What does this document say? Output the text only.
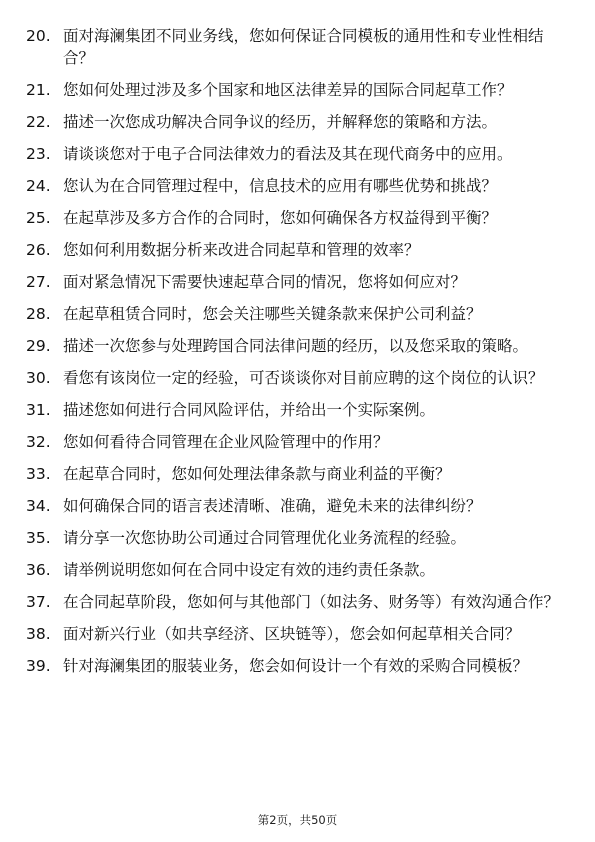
20. 面对海澜集团不同业务线，您如何保证合同模板的通用性和专业性相结合？
21. 您如何处理过涉及多个国家和地区法律差异的国际合同起草工作？
22. 描述一次您成功解决合同争议的经历，并解释您的策略和方法。
23. 请谈谈您对于电子合同法律效力的看法及其在现代商务中的应用。
24. 您认为在合同管理过程中，信息技术的应用有哪些优势和挑战？
25. 在起草涉及多方合作的合同时，您如何确保各方权益得到平衡？
26. 您如何利用数据分析来改进合同起草和管理的效率？
27. 面对紧急情况下需要快速起草合同的情况，您将如何应对？
28. 在起草租赁合同时，您会关注哪些关键条款来保护公司利益？
29. 描述一次您参与处理跨国合同法律问题的经历，以及您采取的策略。
30. 看您有该岗位一定的经验，可否谈谈你对目前应聘的这个岗位的认识？
31. 描述您如何进行合同风险评估，并给出一个实际案例。
32. 您如何看待合同管理在企业风险管理中的作用？
33. 在起草合同时，您如何处理法律条款与商业利益的平衡？
34. 如何确保合同的语言表述清晰、准确，避免未来的法律纠纷？
35. 请分享一次您协助公司通过合同管理优化业务流程的经验。
36. 请举例说明您如何在合同中设定有效的违约责任条款。
37. 在合同起草阶段，您如何与其他部门（如法务、财务等）有效沟通合作？
38. 面对新兴行业（如共享经济、区块链等），您会如何起草相关合同？
39. 针对海澜集团的服装业务，您会如何设计一个有效的采购合同模板？
第2页，共50页
